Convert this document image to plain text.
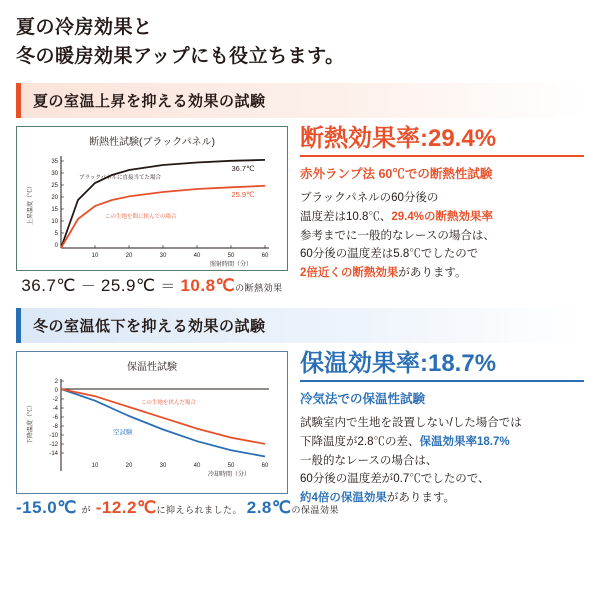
夏の冷房効果と
冬の暖房効果アップにも役立ちます。
夏の室温上昇を抑える効果の試験
断熱性試験(ブラックパネル)
35
30
25
20
15
10
5
0
10	20	30	40	50	60
上昇温度（℃）
照射時間（分）
ブラックパネルに直接当てた場合
この生地を間に挟んでの場合
36.7℃
25.9℃
36.7℃ － 25.9℃ ＝ 10.8℃の断熱効果
断熱効果率:29.4%
赤外ランプ法 60℃での断熱性試験
ブラックパネルの60分後の
温度差は10.8℃、29.4%の断熱効果率
参考までに一般的なレースの場合は、
60分後の温度差は5.8℃でしたので
2倍近くの断熱効果があります。
冬の室温低下を抑える効果の試験
保温性試験
2
0
-2
-4
-6
-8
-10
-12
-14
10	20	30	40	50	60
下降温度（℃）
冷却時間（分）
この生地を挟んだ場合
空試験
-15.0℃ が -12.2℃に抑えられました。 2.8℃の保温効果
保温効果率:18.7%
冷気法での保温性試験
試験室内で生地を設置しない/した場合では
下降温度が2.8℃の差、保温効果率18.7%
一般的なレースの場合は、
60分後の温度差が0.7℃でしたので、
約4倍の保温効果があります。
